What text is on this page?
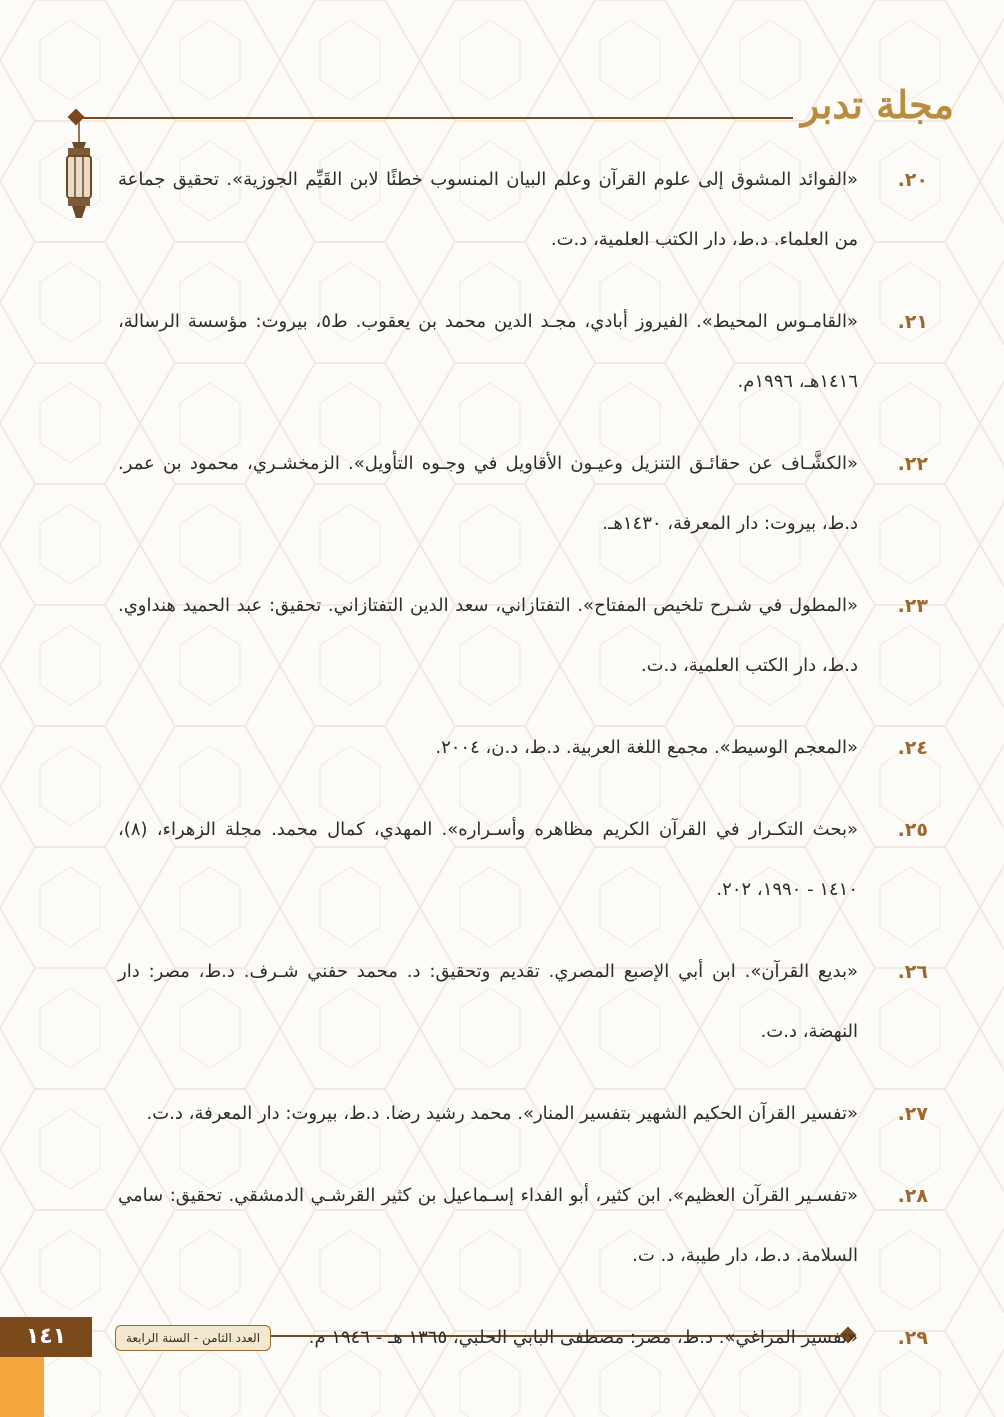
مجلة تدبر
٢٠.
«الفوائد المشوق إلى علوم القرآن وعلم البيان المنسوب خطئًا لابن القَيِّم الجوزية». تحقيق جماعة من العلماء. د.ط، دار الكتب العلمية، د.ت.
٢١.
«القامـوس المحيط». الفيروز أبادي، مجـد الدين محمد بن يعقوب. ط٥، بيروت: مؤسسة الرسالة، ١٤١٦هـ، ١٩٩٦م.
٢٢.
«الكشَّـاف عن حقائـق التنزيل وعيـون الأقاويل في وجـوه التأويل». الزمخشـري، محمود بن عمر. د.ط، بيروت: دار المعرفة، ١٤٣٠هـ.
٢٣.
«المطول في شـرح تلخيص المفتاح». التفتازاني، سعد الدين التفتازاني. تحقيق: عبد الحميد هنداوي. د.ط، دار الكتب العلمية، د.ت.
٢٤.
«المعجم الوسيط». مجمع اللغة العربية. د.ط، د.ن، ٢٠٠٤.
٢٥.
«بحث التكـرار في القرآن الكريم مظاهره وأسـراره». المهدي، كمال محمد. مجلة الزهراء، (٨)، ١٤١٠ - ١٩٩٠، ٢٠٢.
٢٦.
«بديع القرآن». ابن أبي الإصبع المصري. تقديم وتحقيق: د. محمد حفني شـرف. د.ط، مصر: دار النهضة، د.ت.
٢٧.
«تفسير القرآن الحكيم الشهير بتفسير المنار». محمد رشيد رضا. د.ط، بيروت: دار المعرفة، د.ت.
٢٨.
«تفسـير القرآن العظيم». ابن كثير، أبو الفداء إسـماعيل بن كثير القرشـي الدمشقي. تحقيق: سامي السلامة. د.ط، دار طيبة، د. ت.
٢٩.
«تفسير المراغي». د.ط، مصر: مصطفى البابي الحلبي، ١٣٦٥ هـ - ١٩٤٦ م.
العدد الثامن - السنة الرابعة
١٤١
